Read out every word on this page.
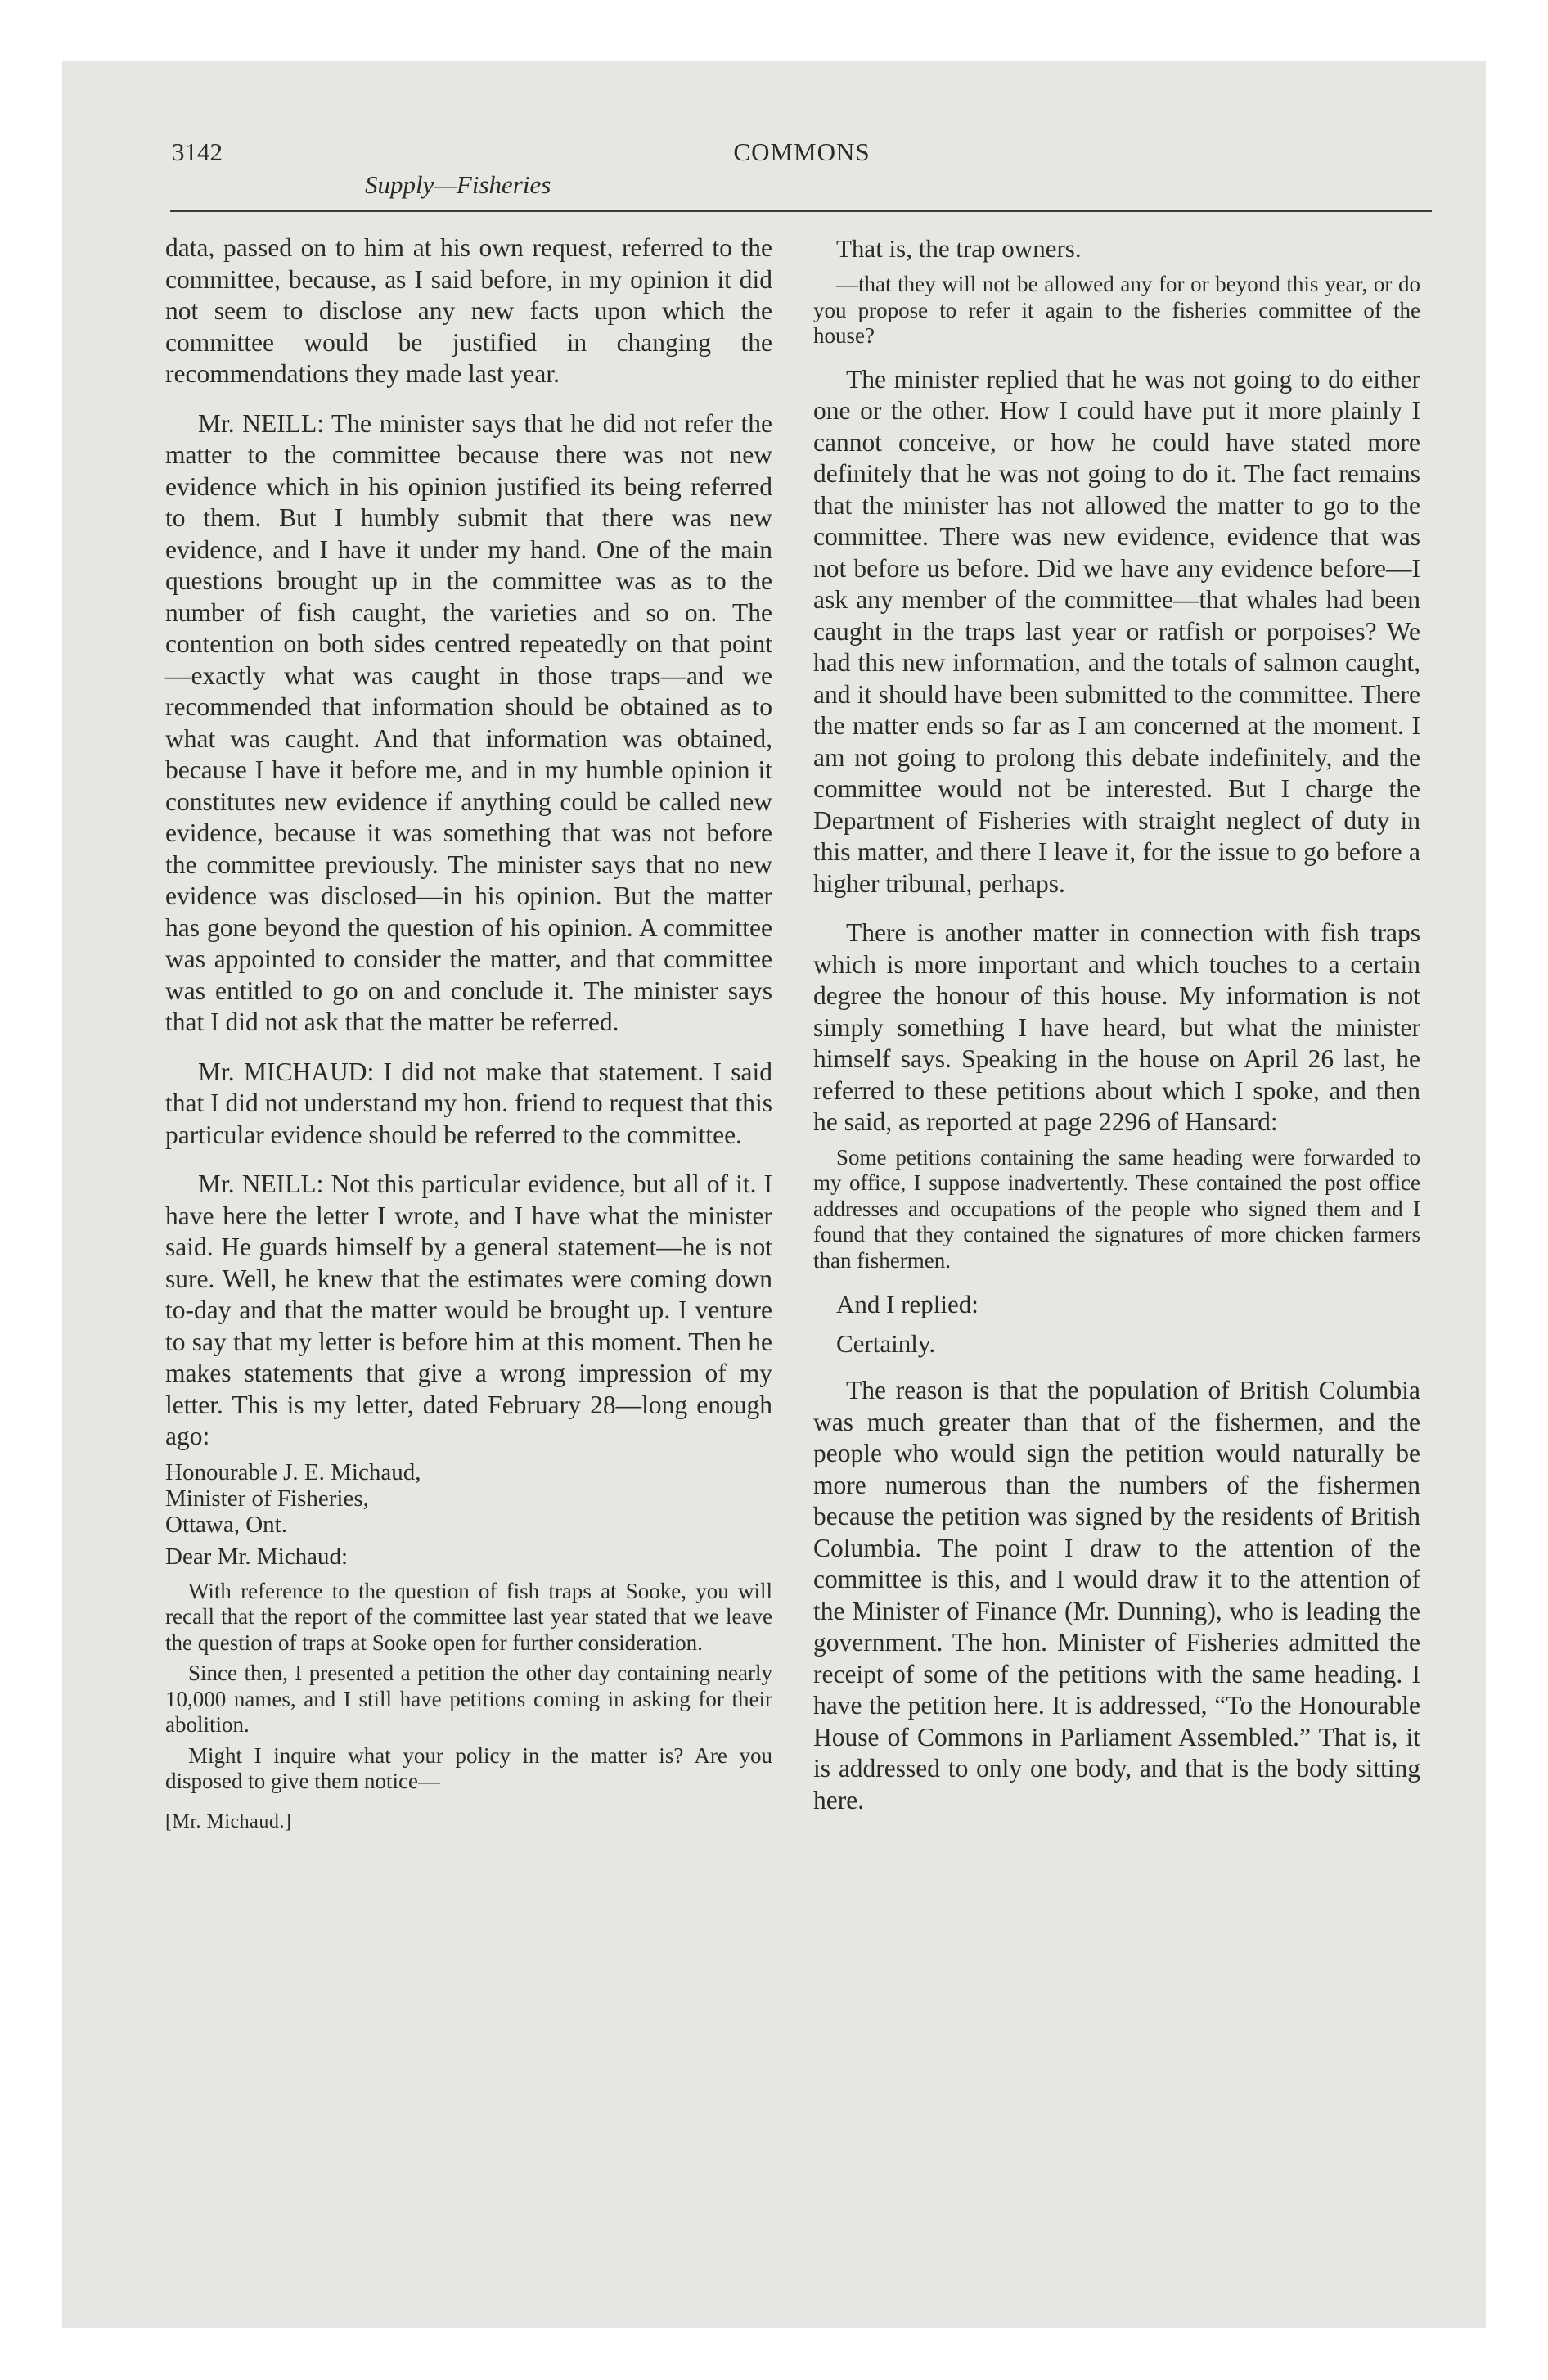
3142
Supply—Fisheries
COMMONS

data, passed on to him at his own request, referred to the committee, because, as I said before, in my opinion it did not seem to disclose any new facts upon which the committee would be justified in changing the recommendations they made last year.

Mr. NEILL: The minister says that he did not refer the matter to the committee because there was not new evidence which in his opinion justified its being referred to them. But I humbly submit that there was new evidence, and I have it under my hand. One of the main questions brought up in the committee was as to the number of fish caught, the varieties and so on. The contention on both sides centred repeatedly on that point—exactly what was caught in those traps—and we recommended that information should be obtained as to what was caught. And that information was obtained, because I have it before me, and in my humble opinion it constitutes new evidence if anything could be called new evidence, because it was something that was not before the committee previously. The minister says that no new evidence was disclosed—in his opinion. But the matter has gone beyond the question of his opinion. A committee was appointed to consider the matter, and that committee was entitled to go on and conclude it. The minister says that I did not ask that the matter be referred.

Mr. MICHAUD: I did not make that statement. I said that I did not understand my hon. friend to request that this particular evidence should be referred to the committee.

Mr. NEILL: Not this particular evidence, but all of it. I have here the letter I wrote, and I have what the minister said. He guards himself by a general statement—he is not sure. Well, he knew that the estimates were coming down to-day and that the matter would be brought up. I venture to say that my letter is before him at this moment. Then he makes statements that give a wrong impression of my letter. This is my letter, dated February 28—long enough ago:

Honourable J. E. Michaud,
Minister of Fisheries,
Ottawa, Ont.
Dear Mr. Michaud:

With reference to the question of fish traps at Sooke, you will recall that the report of the committee last year stated that we leave the question of traps at Sooke open for further consideration.

Since then, I presented a petition the other day containing nearly 10,000 names, and I still have petitions coming in asking for their abolition.

Might I inquire what your policy in the matter is? Are you disposed to give them notice—

[Mr. Michaud.]
That is, the trap owners.

—that they will not be allowed any for or beyond this year, or do you propose to refer it again to the fisheries committee of the house?

The minister replied that he was not going to do either one or the other. How I could have put it more plainly I cannot conceive, or how he could have stated more definitely that he was not going to do it. The fact remains that the minister has not allowed the matter to go to the committee. There was new evidence, evidence that was not before us before. Did we have any evidence before—I ask any member of the committee—that whales had been caught in the traps last year or ratfish or porpoises? We had this new information, and the totals of salmon caught, and it should have been submitted to the committee. There the matter ends so far as I am concerned at the moment. I am not going to prolong this debate indefinitely, and the committee would not be interested. But I charge the Department of Fisheries with straight neglect of duty in this matter, and there I leave it, for the issue to go before a higher tribunal, perhaps.

There is another matter in connection with fish traps which is more important and which touches to a certain degree the honour of this house. My information is not simply something I have heard, but what the minister himself says. Speaking in the house on April 26 last, he referred to these petitions about which I spoke, and then he said, as reported at page 2296 of Hansard:

Some petitions containing the same heading were forwarded to my office, I suppose inadvertently. These contained the post office addresses and occupations of the people who signed them and I found that they contained the signatures of more chicken farmers than fishermen.

And I replied:
Certainly.

The reason is that the population of British Columbia was much greater than that of the fishermen, and the people who would sign the petition would naturally be more numerous than the numbers of the fishermen because the petition was signed by the residents of British Columbia. The point I draw to the attention of the committee is this, and I would draw it to the attention of the Minister of Finance (Mr. Dunning), who is leading the government. The hon. Minister of Fisheries admitted the receipt of some of the petitions with the same heading. I have the petition here. It is addressed, “To the Honourable House of Commons in Parliament Assembled.” That is, it is addressed to only one body, and that is the body sitting here.
